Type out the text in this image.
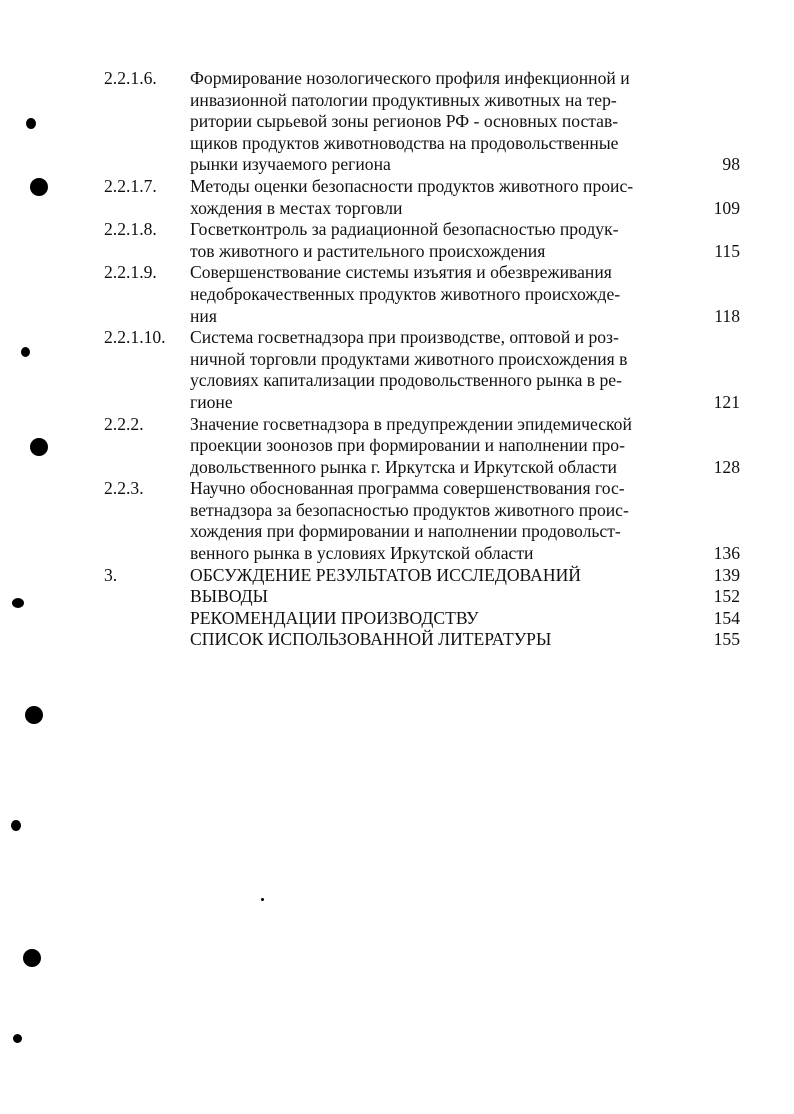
2.2.1.6.	Формирование нозологического профиля инфекционной и
инвазионной патологии продуктивных животных на тер-
ритории сырьевой зоны регионов РФ - основных постав-
щиков продуктов животноводства на продовольственные
рынки изучаемого региона	98
2.2.1.7.	Методы оценки безопасности продуктов животного проис-
хождения в местах торговли	109
2.2.1.8.	Госветконтроль за радиационной безопасностью продук-
тов животного и растительного происхождения	115
2.2.1.9.	Совершенствование системы изъятия и обезвреживания
недоброкачественных продуктов животного происхожде-
ния	118
2.2.1.10.	Система госветнадзора при производстве, оптовой и роз-
ничной торговли продуктами животного происхождения в
условиях капитализации продовольственного рынка в ре-
гионе	121
2.2.2.	Значение госветнадзора в предупреждении эпидемической
проекции зоонозов при формировании и наполнении про-
довольственного рынка г. Иркутска и Иркутской области	128
2.2.3.	Научно обоснованная программа совершенствования гос-
ветнадзора за безопасностью продуктов животного проис-
хождения при формировании и наполнении продовольст-
венного рынка в условиях Иркутской области	136
3.	ОБСУЖДЕНИЕ РЕЗУЛЬТАТОВ ИССЛЕДОВАНИЙ	139
ВЫВОДЫ	152
РЕКОМЕНДАЦИИ ПРОИЗВОДСТВУ	154
СПИСОК ИСПОЛЬЗОВАННОЙ ЛИТЕРАТУРЫ	155
